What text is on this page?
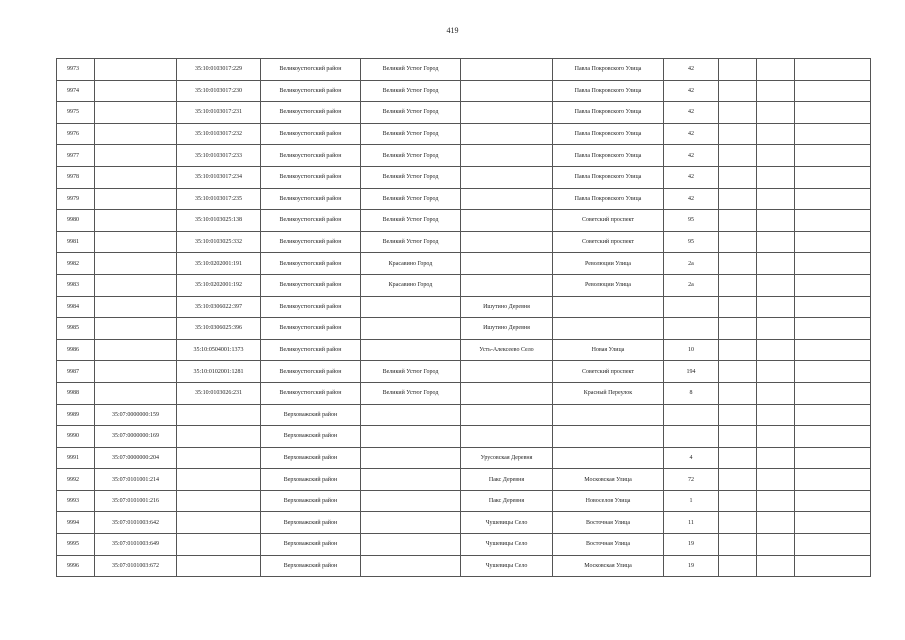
419
9973		35:10:0103017:229	Великоустюгский район	Великий Устюг Город		Павла Покровского Улица	42			
9974		35:10:0103017:230	Великоустюгский район	Великий Устюг Город		Павла Покровского Улица	42			
9975		35:10:0103017:231	Великоустюгский район	Великий Устюг Город		Павла Покровского Улица	42			
9976		35:10:0103017:232	Великоустюгский район	Великий Устюг Город		Павла Покровского Улица	42			
9977		35:10:0103017:233	Великоустюгский район	Великий Устюг Город		Павла Покровского Улица	42			
9978		35:10:0103017:234	Великоустюгский район	Великий Устюг Город		Павла Покровского Улица	42			
9979		35:10:0103017:235	Великоустюгский район	Великий Устюг Город		Павла Покровского Улица	42			
9980		35:10:0103025:138	Великоустюгский район	Великий Устюг Город		Советский проспект	95			
9981		35:10:0103025:332	Великоустюгский район	Великий Устюг Город		Советский проспект	95			
9982		35:10:0202001:191	Великоустюгский район	Красавино Город		Революции Улица	2а			
9983		35:10:0202001:192	Великоустюгский район	Красавино Город		Революции Улица	2а			
9984		35:10:0306022:397	Великоустюгский район		Ишутино Деревня					
9985		35:10:0306025:396	Великоустюгский район		Ишутино Деревня					
9986		35:10:0504001:1373	Великоустюгский район		Усть-Алексеево Село	Новая Улица	10			
9987		35:10:0102001:1281	Великоустюгский район	Великий Устюг Город		Советский проспект	194			
9988		35:10:0103026:231	Великоустюгский район	Великий Устюг Город		Красный Переулок	8			
9989	35:07:0000000:159		Верховажский район							
9990	35:07:0000000:169		Верховажский район							
9991	35:07:0000000:204		Верховажский район		Урусовская Деревня		4			
9992	35:07:0101001:214		Верховажский район		Пакс Деревня	Московская Улица	72			
9993	35:07:0101001:216		Верховажский район		Пакс Деревня	Новоселов Улица	1			
9994	35:07:0101003:642		Верховажский район		Чушевицы Село	Восточная Улица	11			
9995	35:07:0101003:649		Верховажский район		Чушевицы Село	Восточная Улица	19			
9996	35:07:0101003:672		Верховажский район		Чушевицы Село	Московская Улица	19			
